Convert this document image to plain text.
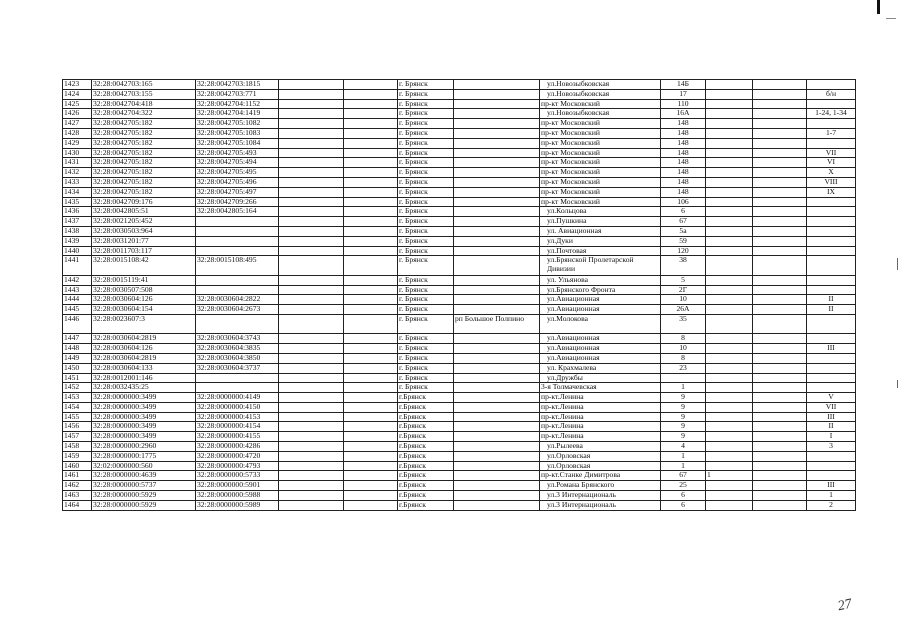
1423	32:28:0042703:165	32:28:0042703:1815			г. Брянск		ул.Новозыбковская	14Б			
1424	32:28:0042703:155	32:28:0042703:771			г. Брянск		ул.Новозыбковская	17			б/н
1425	32:28:0042704:418	32:28:0042704:1152			г. Брянск		пр-кт Московский	110			
1426	32:28:0042704:322	32:28:0042704:1419			г. Брянск		ул.Новозыбковская	16А			1-24, 1-34
1427	32:28:0042705:182	32:28:0042705:1082			г. Брянск		пр-кт Московский	148			
1428	32:28:0042705:182	32:28:0042705:1083			г. Брянск		пр-кт Московский	148			1-7
1429	32:28:0042705:182	32:28:0042705:1084			г. Брянск		пр-кт Московский	148			
1430	32:28:0042705:182	32:28:0042705:493			г. Брянск		пр-кт Московский	148			VII
1431	32:28:0042705:182	32:28:0042705:494			г. Брянск		пр-кт Московский	148			VI
1432	32:28:0042705:182	32:28:0042705:495			г. Брянск		пр-кт Московский	148			X
1433	32:28:0042705:182	32:28:0042705:496			г. Брянск		пр-кт Московский	148			VIII
1434	32:28:0042705:182	32:28:0042705:497			г. Брянск		пр-кт Московский	148			IX
1435	32:28:0042709:176	32:28:0042709:266			г. Брянск		пр-кт Московский	106			
1436	32:28:0042805:51	32:28:0042805:164			г. Брянск		ул.Кольцова	6			
1437	32:28:0021205:452				г. Брянск		ул.Пушкина	67			
1438	32:28:0030503:964				г. Брянск		ул. Авиационная	5а			
1439	32:28:0031201:77				г. Брянск		ул.Дуки	59			
1440	32:28:0011703:117				г. Брянск		ул.Почтовая	120			
1441	32:28:0015108:42	32:28:0015108:495			г. Брянск		ул.Брянской Пролетарской Дивизии	38			
1442	32:28:0015119:41				г. Брянск		ул. Ульянова	5			
1443	32:28:0030507:508				г. Брянск		ул.Брянского Фронта	2Г			
1444	32:28:0030604:126	32:28:0030604:2822			г. Брянск		ул.Авиационная	10			II
1445	32:28:0030604:154	32:28:0030604:2673			г. Брянск		ул.Авиационная	26А			II
1446	32:28:0023607:3				г. Брянск	рп Большое Полпино	ул.Молокова	35			
1447	32:28:0030604:2819	32:28:0030604:3743			г. Брянск		ул.Авиационная	8			
1448	32:28:0030604:126	32:28:0030604:3835			г. Брянск		ул.Авиационная	10			III
1449	32:28:0030604:2819	32:28:0030604:3850			г. Брянск		ул.Авиационная	8			
1450	32:28:0030604:133	32:28:0030604:3737			г. Брянск		ул. Крахмалева	23			
1451	32:28:0012001:146				г. Брянск		ул.Дружбы				
1452	32:28:0032435:25				г. Брянск		3-я Толмачевская	1			
1453	32:28:0000000:3499	32:28:0000000:4149			г.Брянск		пр-кт.Ленина	9			V
1454	32:28:0000000:3499	32:28:0000000:4150			г.Брянск		пр-кт.Ленина	9			VII
1455	32:28:0000000:3499	32:28:0000000:4153			г.Брянск		пр-кт.Ленина	9			III
1456	32:28:0000000:3499	32:28:0000000:4154			г.Брянск		пр-кт.Ленина	9			II
1457	32:28:0000000:3499	32:28:0000000:4155			г.Брянск		пр-кт.Ленина	9			I
1458	32:28:0000000:2960	32:28:0000000:4286			г.Брянск		ул.Рылеева	4			3
1459	32:28:0000000:1775	32:28:0000000:4720			г.Брянск		ул.Орловская	1			
1460	32:02:0000000:560	32:28:0000000:4793			г.Брянск		ул.Орловская	1			
1461	32:28:0000000:4639	32:28:0000000:5733			г.Брянск		пр-кт.Станке Димитрова	67	1		
1462	32:28:0000000:5737	32:28:0000000:5901			г.Брянск		ул.Романа Брянского	25			III
1463	32:28:0000000:5929	32:28:0000000:5988			г.Брянск		ул.3 Интернациональ	6			1
1464	32:28:0000000:5929	32:28:0000000:5989			г.Брянск		ул.3 Интернациональ	6			2
27
